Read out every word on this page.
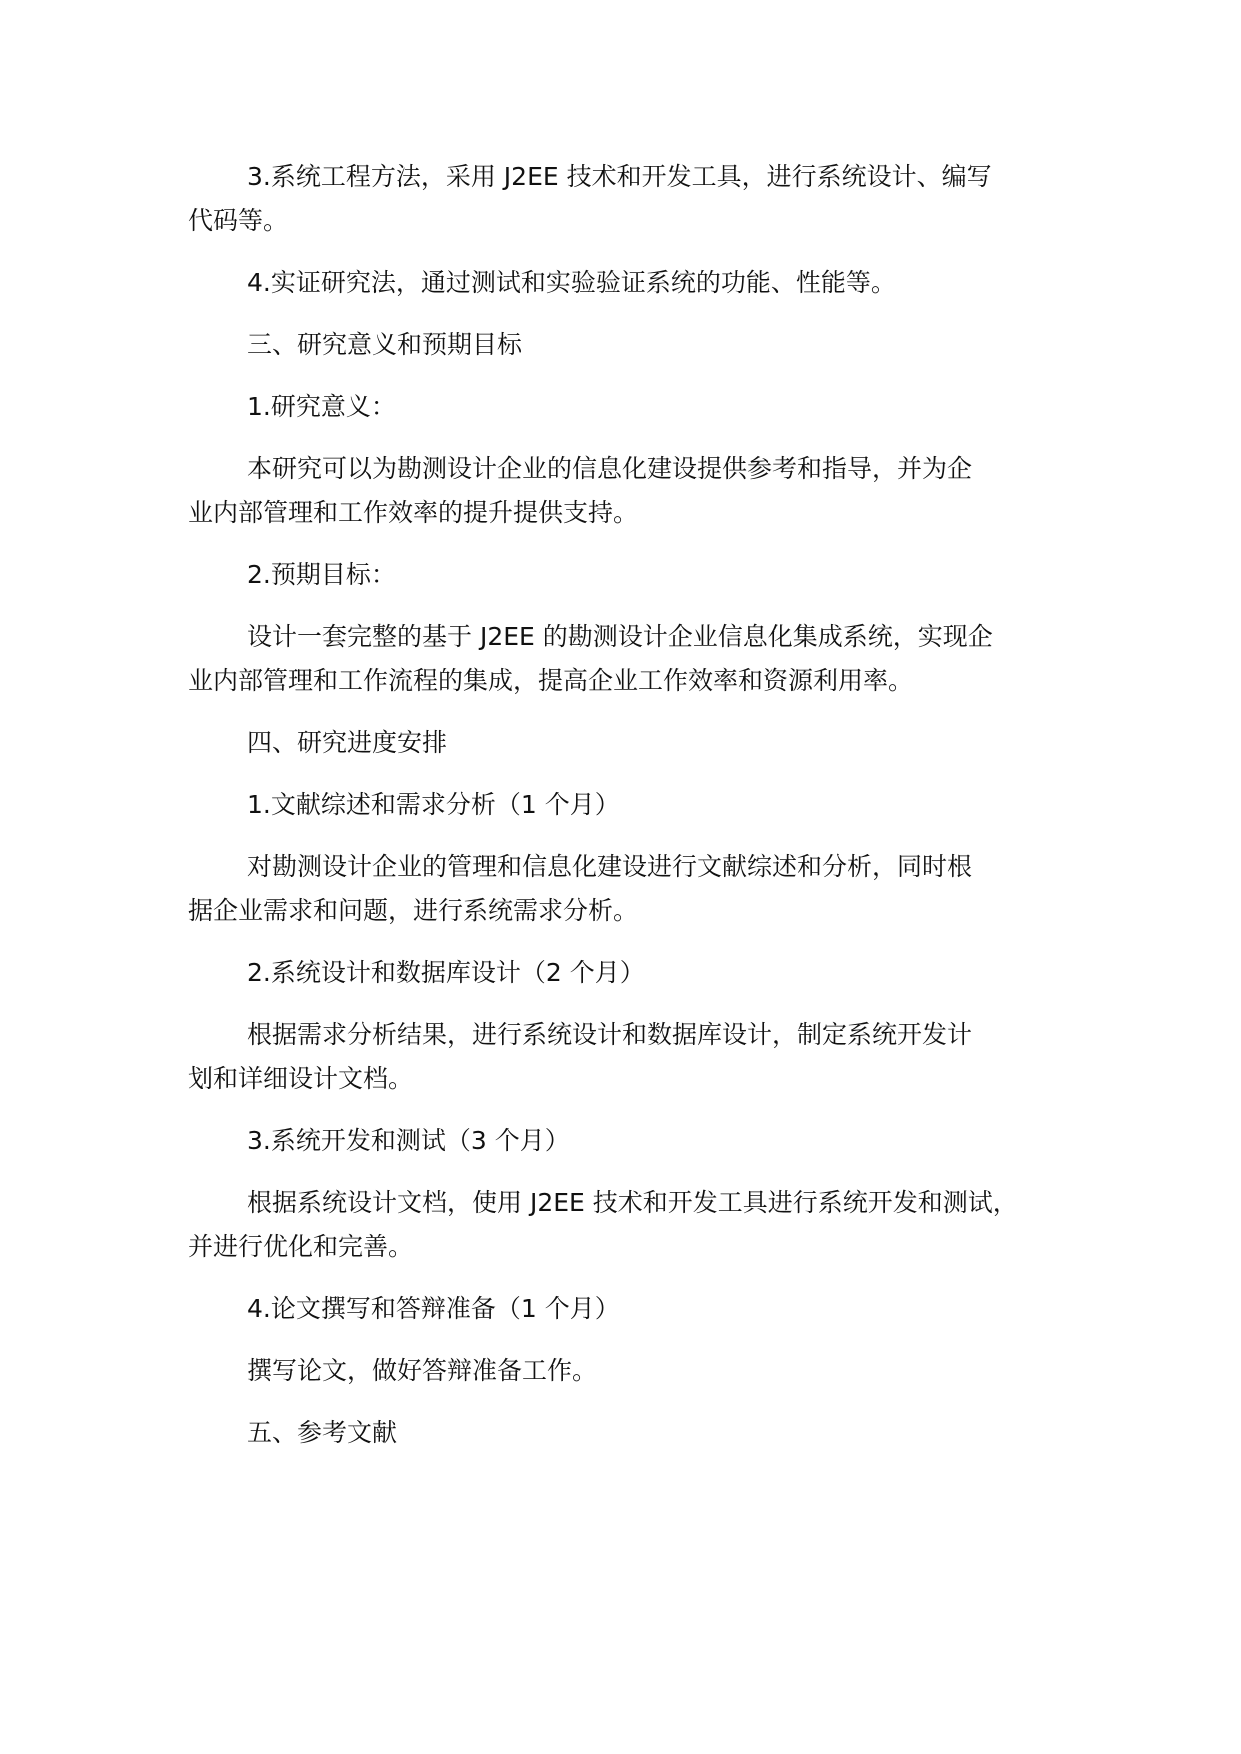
3.系统工程方法，采用 J2EE 技术和开发工具，进行系统设计、编写
代码等。
4.实证研究法，通过测试和实验验证系统的功能、性能等。
三、研究意义和预期目标
1.研究意义：
本研究可以为勘测设计企业的信息化建设提供参考和指导，并为企
业内部管理和工作效率的提升提供支持。
2.预期目标：
设计一套完整的基于 J2EE 的勘测设计企业信息化集成系统，实现企
业内部管理和工作流程的集成，提高企业工作效率和资源利用率。
四、研究进度安排
1.文献综述和需求分析（1 个月）
对勘测设计企业的管理和信息化建设进行文献综述和分析，同时根
据企业需求和问题，进行系统需求分析。
2.系统设计和数据库设计（2 个月）
根据需求分析结果，进行系统设计和数据库设计，制定系统开发计
划和详细设计文档。
3.系统开发和测试（3 个月）
根据系统设计文档，使用 J2EE 技术和开发工具进行系统开发和测试，
并进行优化和完善。
4.论文撰写和答辩准备（1 个月）
撰写论文，做好答辩准备工作。
五、参考文献
